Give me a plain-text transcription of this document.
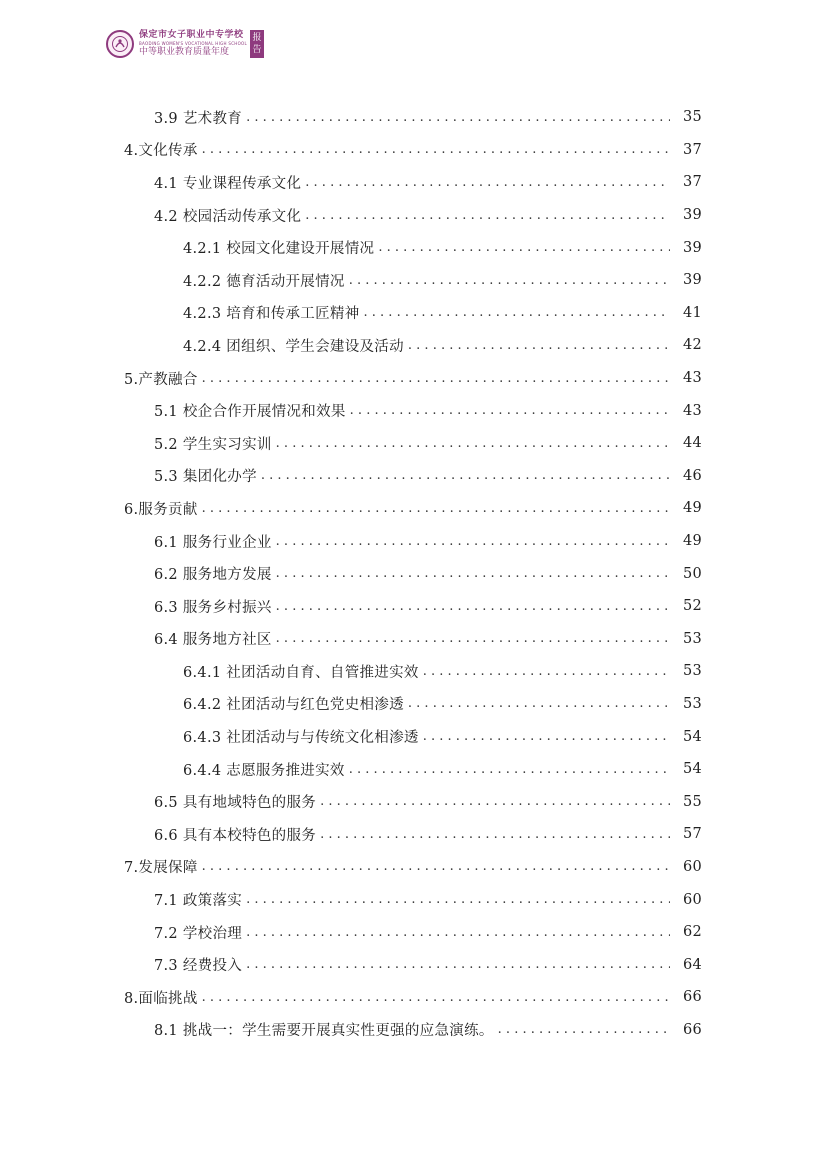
保定市女子职业中专学校
BAODING WOMEN'S VOCATIONAL HIGH SCHOOL
中等职业教育质量年度
报
告
3.9 艺术教育 . . .	35
4.文化传承 . . .	37
4.1 专业课程传承文化 . . .	37
4.2 校园活动传承文化 . . .	39
4.2.1 校园文化建设开展情况 . . .	39
4.2.2 德育活动开展情况 . . .	39
4.2.3 培育和传承工匠精神 . . .	41
4.2.4 团组织、学生会建设及活动 . . .	42
5.产教融合 . . .	43
5.1 校企合作开展情况和效果 . . .	43
5.2 学生实习实训 . . .	44
5.3 集团化办学 . . .	46
6.服务贡献 . . .	49
6.1 服务行业企业 . . .	49
6.2 服务地方发展 . . .	50
6.3 服务乡村振兴 . . .	52
6.4 服务地方社区 . . .	53
6.4.1 社团活动自育、自管推进实效 . . .	53
6.4.2 社团活动与红色党史相渗透 . . .	53
6.4.3 社团活动与与传统文化相渗透 . . .	54
6.4.4 志愿服务推进实效 . . .	54
6.5 具有地域特色的服务 . . .	55
6.6 具有本校特色的服务 . . .	57
7.发展保障 . . .	60
7.1 政策落实 . . .	60
7.2 学校治理 . . .	62
7.3 经费投入 . . .	64
8.面临挑战 . . .	66
8.1 挑战一：学生需要开展真实性更强的应急演练。 . . .	66
